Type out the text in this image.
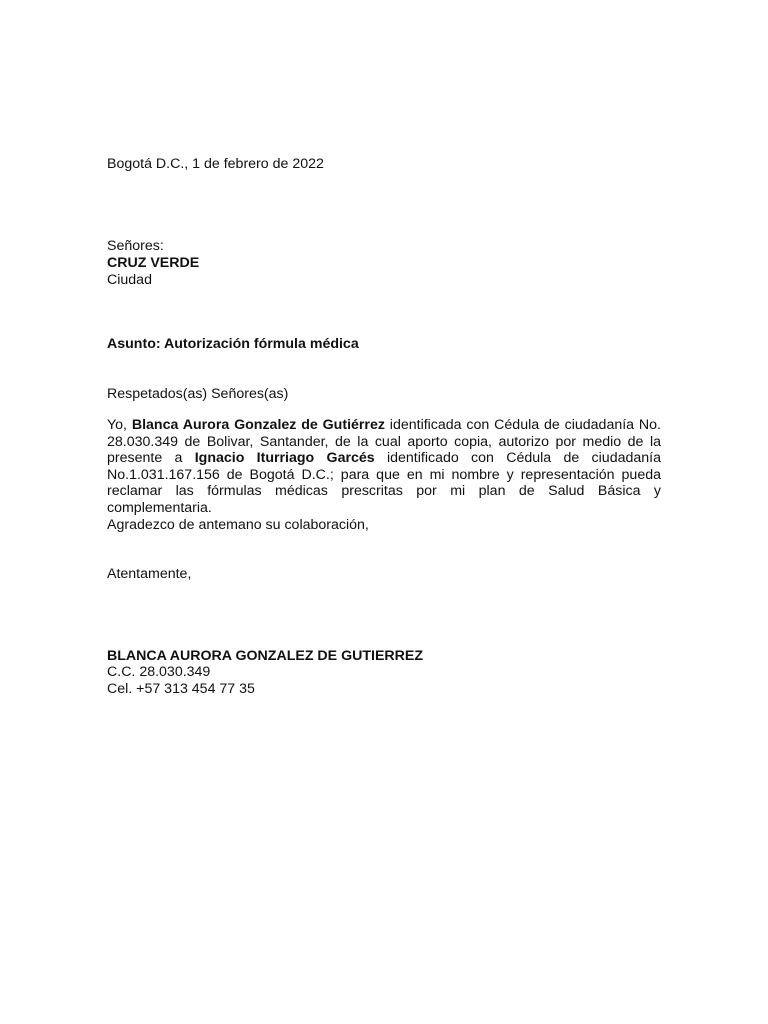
Bogotá D.C., 1 de febrero de 2022
Señores:
CRUZ VERDE
Ciudad
Asunto: Autorización fórmula médica
Respetados(as) Señores(as)
Yo, Blanca Aurora Gonzalez de Gutiérrez identificada con Cédula de ciudadanía No. 28.030.349 de Bolivar, Santander, de la cual aporto copia, autorizo por medio de la presente a Ignacio Iturriago Garcés identificado con Cédula de ciudadanía No.1.031.167.156 de Bogotá D.C.; para que en mi nombre y representación pueda reclamar las fórmulas médicas prescritas por mi plan de Salud Básica y complementaria.
Agradezco de antemano su colaboración,
Atentamente,
BLANCA AURORA GONZALEZ DE GUTIERREZ
C.C. 28.030.349
Cel. +57 313 454 77 35
